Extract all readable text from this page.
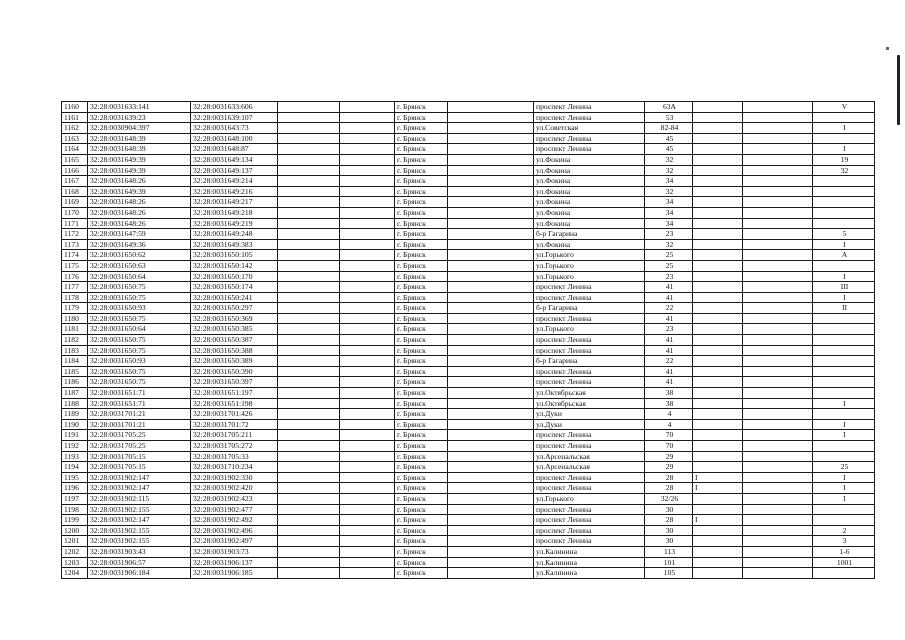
1160	32:28:0031633:141	32:28:0031633:606			г. Брянск		проспект Ленина	63А			V
1161	32:28:0031639:23	32:28:0031639:107			г. Брянск		проспект Ленина	53			
1162	32:28:0030904:397	32:28:0031643:73			г. Брянск		ул.Советская	82-84			I
1163	32:28:0031648:39	32:28:0031648:100			г. Брянск		проспект Ленина	45			
1164	32:28:0031648:39	32:28:0031648:87			г. Брянск		проспект Ленина	45			I
1165	32:28:0031649:39	32:28:0031649:134			г. Брянск		ул.Фокина	32			19
1166	32:28:0031649:39	32:28:0031649:137			г. Брянск		ул.Фокина	32			32
1167	32:28:0031648:26	32:28:0031649:214			г. Брянск		ул.Фокина	34			
1168	32:28:0031649:39	32:28:0031649:216			г. Брянск		ул.Фокина	32			
1169	32:28:0031648:26	32:28:0031649:217			г. Брянск		ул.Фокина	34			
1170	32:28:0031648:26	32:28:0031649:218			г. Брянск		ул.Фокина	34			
1171	32:28:0031648:26	32:28:0031649:219			г. Брянск		ул.Фокина	34			
1172	32:28:0031647:59	32:28:0031649:248			г. Брянск		б-р Гагарина	23			5
1173	32:28:0031649:36	32:28:0031649:383			г. Брянск		ул.Фокина	32			I
1174	32:28:0031650:62	32:28:0031650:105			г. Брянск		ул.Горького	25			А
1175	32:28:0031650:63	32:28:0031650:142			г. Брянск		ул.Горького	25			
1176	32:28:0031650:64	32:28:0031650:170			г. Брянск		ул.Горького	23			I
1177	32:28:0031650:75	32:28:0031650:174			г. Брянск		проспект Ленина	41			III
1178	32:28:0031650:75	32:28:0031650:241			г. Брянск		проспект Ленина	41			I
1179	32:28:0031650:93	32:28:0031650:297			г. Брянск		б-р Гагарина	22			II
1180	32:28:0031650:75	32:28:0031650:369			г. Брянск		проспект Ленина	41			
1181	32:28:0031650:64	32:28:0031650:385			г. Брянск		ул.Горького	23			
1182	32:28:0031650:75	32:28:0031650:387			г. Брянск		проспект Ленина	41			
1183	32:28:0031650:75	32:28:0031650:388			г. Брянск		проспект Ленина	41			
1184	32:28:0031650:93	32:28:0031650:389			г. Брянск		б-р Гагарина	22			
1185	32:28:0031650:75	32:28:0031650:390			г. Брянск		проспект Ленина	41			
1186	32:28:0031650:75	32:28:0031650:397			г. Брянск		проспект Ленина	41			
1187	32:28:0031651:71	32:28:0031651:197			г. Брянск		ул.Октябрьская	38			
1188	32:28:0031651:71	32:28:0031651:198			г. Брянск		ул.Октябрьская	38			I
1189	32:28:0031701:21	32:28:0031701:426			г. Брянск		ул.Дуки	4			
1190	32:28:0031701:21	32:28:0031701:72			г. Брянск		ул.Дуки	4			I
1191	32:28:0031705:25	32:28:0031705:211			г. Брянск		проспект Ленина	70			I
1192	32:28:0031705:25	32:28:0031705:272			г. Брянск		проспект Ленина	70			
1193	32:28:0031705:15	32:28:0031705:33			г. Брянск		ул.Арсенальская	29			
1194	32:28:0031705:15	32:28:0031710:234			г. Брянск		ул.Арсенальская	29			25
1195	32:28:0031902:147	32:28:0031902:330			г. Брянск		проспект Ленина	28	I		I
1196	32:28:0031902:147	32:28:0031902:420			г. Брянск		проспект Ленина	28	I		I
1197	32:28:0031902:115	32:28:0031902:423			г. Брянск		ул.Горького	32/26			I
1198	32:28:0031902:155	32:28:0031902:477			г. Брянск		проспект Ленина	30			
1199	32:28:0031902:147	32:28:0031902:492			г. Брянск		проспект Ленина	28	I		
1200	32:28:0031902:155	32:28:0031902:496			г. Брянск		проспект Ленина	30			2
1201	32:28:0031902:155	32:28:0031902:497			г. Брянск		проспект Ленина	30			3
1202	32:28:0031903:43	32:28:0031903:73			г. Брянск		ул.Калинина	113			1-6
1203	32:28:0031906:57	32:28:0031906:137			г. Брянск		ул.Калинина	101			1001
1204	32:28:0031906:184	32:28:0031906:185			г. Брянск		ул.Калинина	105			
